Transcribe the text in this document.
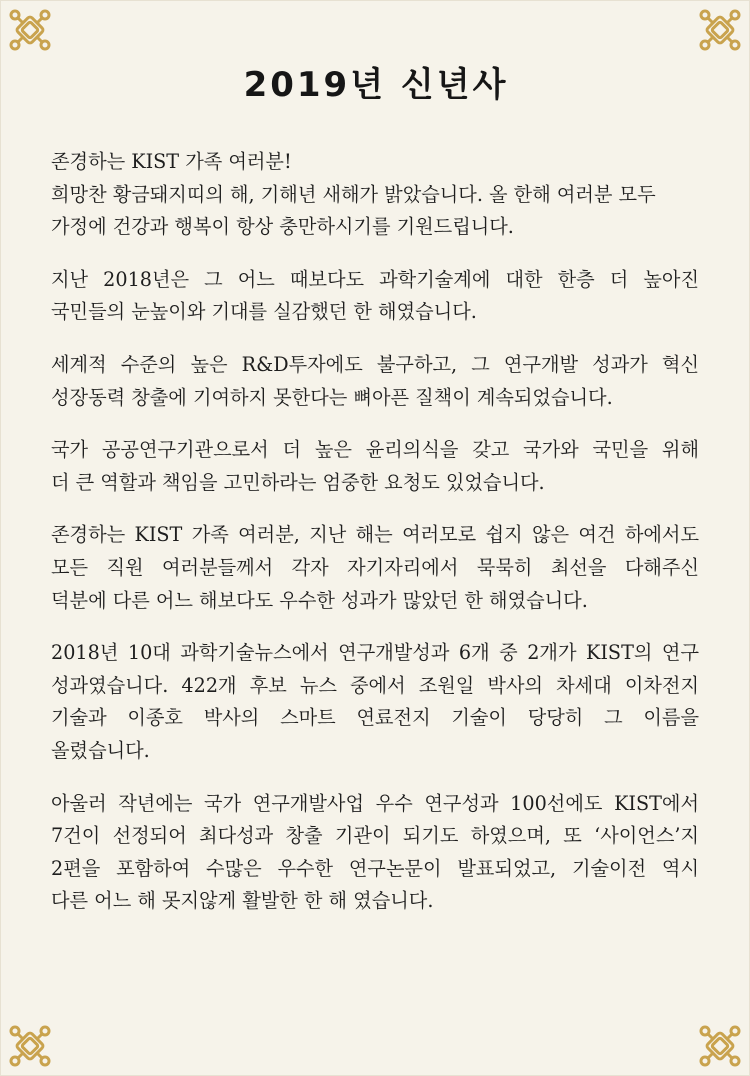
2019년 신년사

존경하는 KIST 가족 여러분!
희망찬 황금돼지띠의 해, 기해년 새해가 밝았습니다. 올 한해 여러분 모두
가정에 건강과 행복이 항상 충만하시기를 기원드립니다.

지난 2018년은 그 어느 때보다도 과학기술계에 대한 한층 더 높아진
국민들의 눈높이와 기대를 실감했던 한 해였습니다.

세계적 수준의 높은 R&D투자에도 불구하고, 그 연구개발 성과가 혁신
성장동력 창출에 기여하지 못한다는 뼈아픈 질책이 계속되었습니다.

국가 공공연구기관으로서 더 높은 윤리의식을 갖고 국가와 국민을 위해
더 큰 역할과 책임을 고민하라는 엄중한 요청도 있었습니다.

존경하는 KIST 가족 여러분, 지난 해는 여러모로 쉽지 않은 여건 하에서도
모든 직원 여러분들께서 각자 자기자리에서 묵묵히 최선을 다해주신
덕분에 다른 어느 해보다도 우수한 성과가 많았던 한 해였습니다.

2018년 10대 과학기술뉴스에서 연구개발성과 6개 중 2개가 KIST의 연구
성과였습니다. 422개 후보 뉴스 중에서 조원일 박사의 차세대 이차전지
기술과 이종호 박사의 스마트 연료전지 기술이 당당히 그 이름을
올렸습니다.

아울러 작년에는 국가 연구개발사업 우수 연구성과 100선에도 KIST에서
7건이 선정되어 최다성과 창출 기관이 되기도 하였으며, 또 ‘사이언스’지
2편을 포함하여 수많은 우수한 연구논문이 발표되었고, 기술이전 역시
다른 어느 해 못지않게 활발한 한 해 였습니다.
